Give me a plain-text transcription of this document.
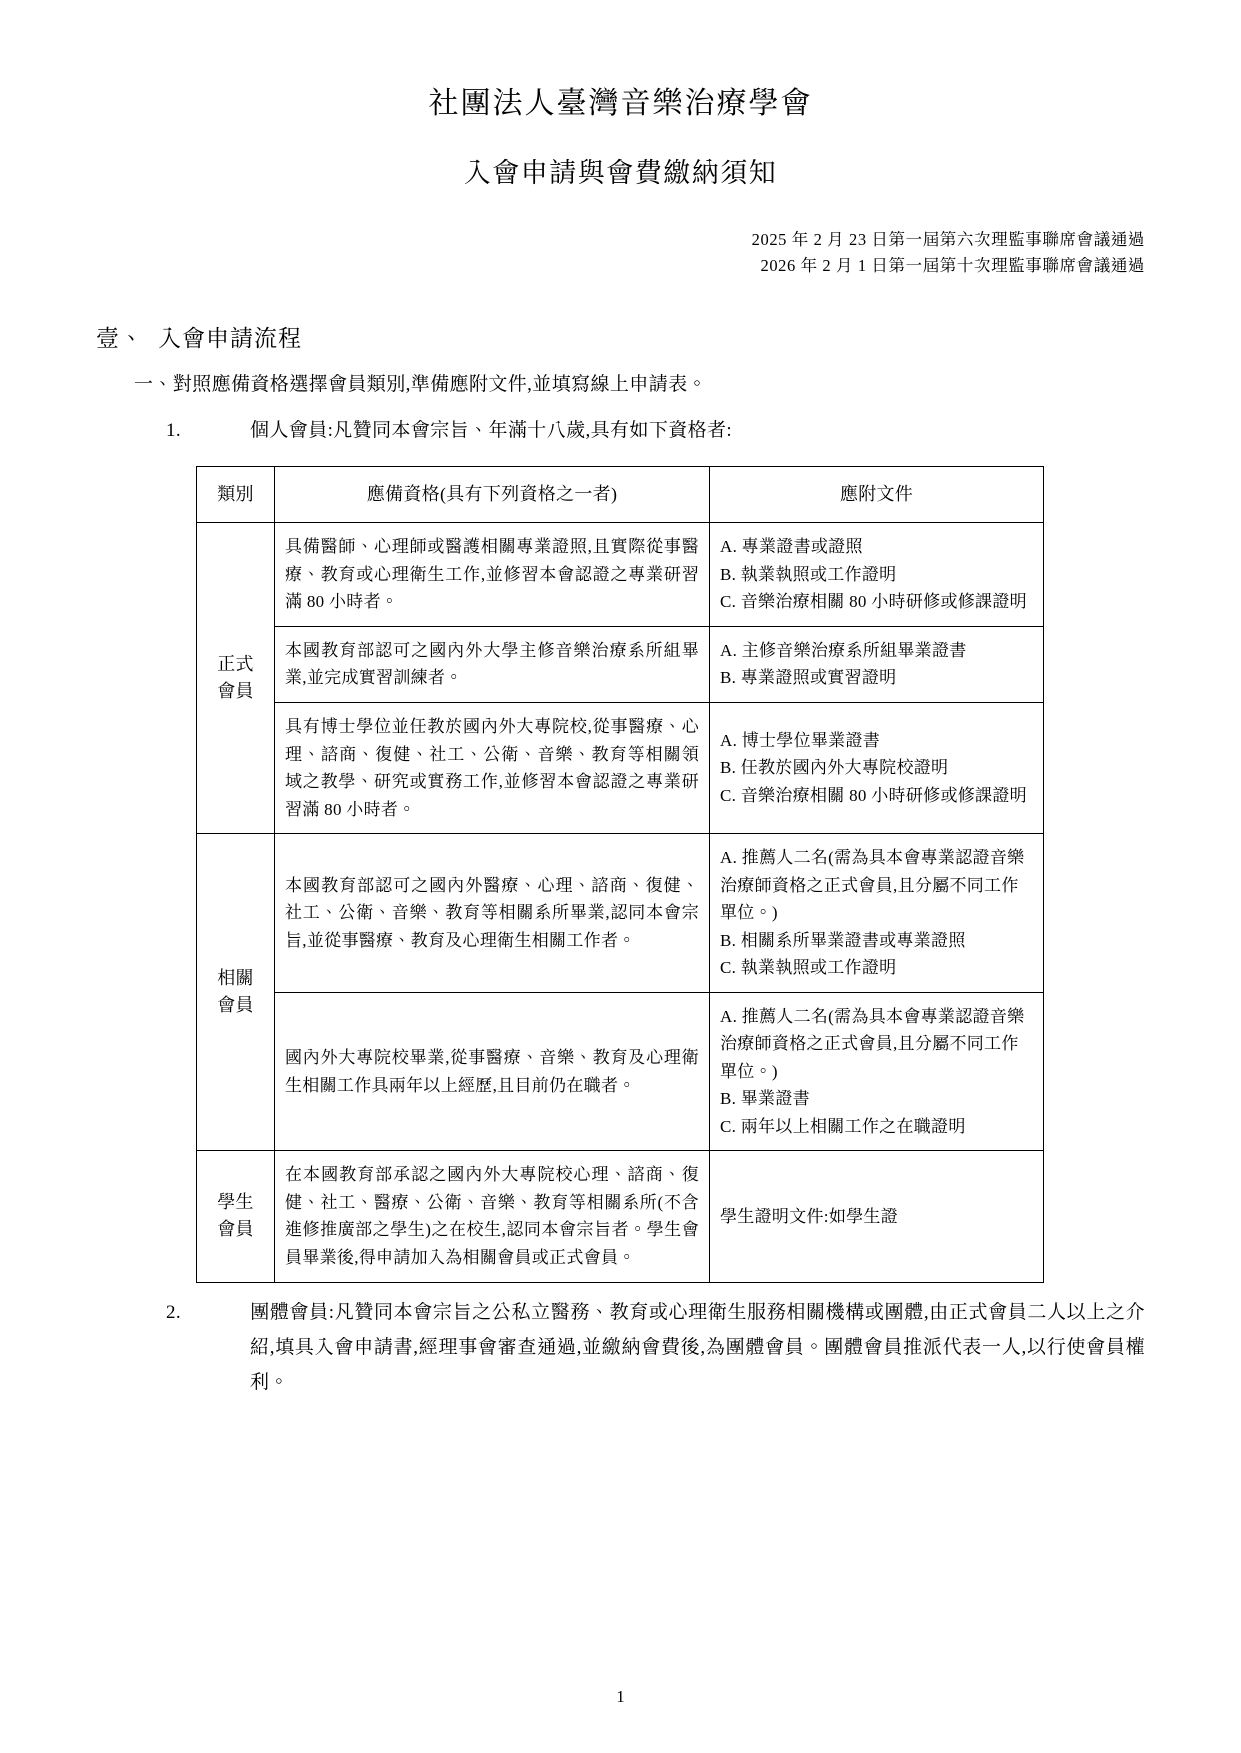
社團法人臺灣音樂治療學會
入會申請與會費繳納須知
2025 年 2 月 23 日第一屆第六次理監事聯席會議通過
2026 年 2 月 1 日第一屆第十次理監事聯席會議通過
壹、 入會申請流程
一、對照應備資格選擇會員類別,準備應附文件,並填寫線上申請表。
1.	個人會員:凡贊同本會宗旨、年滿十八歲,具有如下資格者:
類別	應備資格(具有下列資格之一者)	應附文件

正式
會員	具備醫師、心理師或醫護相關專業證照,且實際從事醫療、教育或心理衛生工作,並修習本會認證之專業研習滿 80 小時者。	A. 專業證書或證照
B. 執業執照或工作證明
C. 音樂治療相關 80 小時研修或修課證明

	本國教育部認可之國內外大學主修音樂治療系所組畢業,並完成實習訓練者。	A. 主修音樂治療系所組畢業證書
B. 專業證照或實習證明

	具有博士學位並任教於國內外大專院校,從事醫療、心理、諮商、復健、社工、公衛、音樂、教育等相關領域之教學、研究或實務工作,並修習本會認證之專業研習滿 80 小時者。	A. 博士學位畢業證書
B. 任教於國內外大專院校證明
C. 音樂治療相關 80 小時研修或修課證明

相關
會員	本國教育部認可之國內外醫療、心理、諮商、復健、社工、公衛、音樂、教育等相關系所畢業,認同本會宗旨,並從事醫療、教育及心理衛生相關工作者。	A. 推薦人二名(需為具本會專業認證音樂治療師資格之正式會員,且分屬不同工作單位。)
B. 相關系所畢業證書或專業證照
C. 執業執照或工作證明

	國內外大專院校畢業,從事醫療、音樂、教育及心理衛生相關工作具兩年以上經歷,且目前仍在職者。	A. 推薦人二名(需為具本會專業認證音樂治療師資格之正式會員,且分屬不同工作單位。)
B. 畢業證書
C. 兩年以上相關工作之在職證明

學生
會員	在本國教育部承認之國內外大專院校心理、諮商、復健、社工、醫療、公衛、音樂、教育等相關系所(不含進修推廣部之學生)之在校生,認同本會宗旨者。學生會員畢業後,得申請加入為相關會員或正式會員。	學生證明文件:如學生證
2.	團體會員:凡贊同本會宗旨之公私立醫務、教育或心理衛生服務相關機構或團體,由正式會員二人以上之介紹,填具入會申請書,經理事會審查通過,並繳納會費後,為團體會員。團體會員推派代表一人,以行使會員權利。
1
